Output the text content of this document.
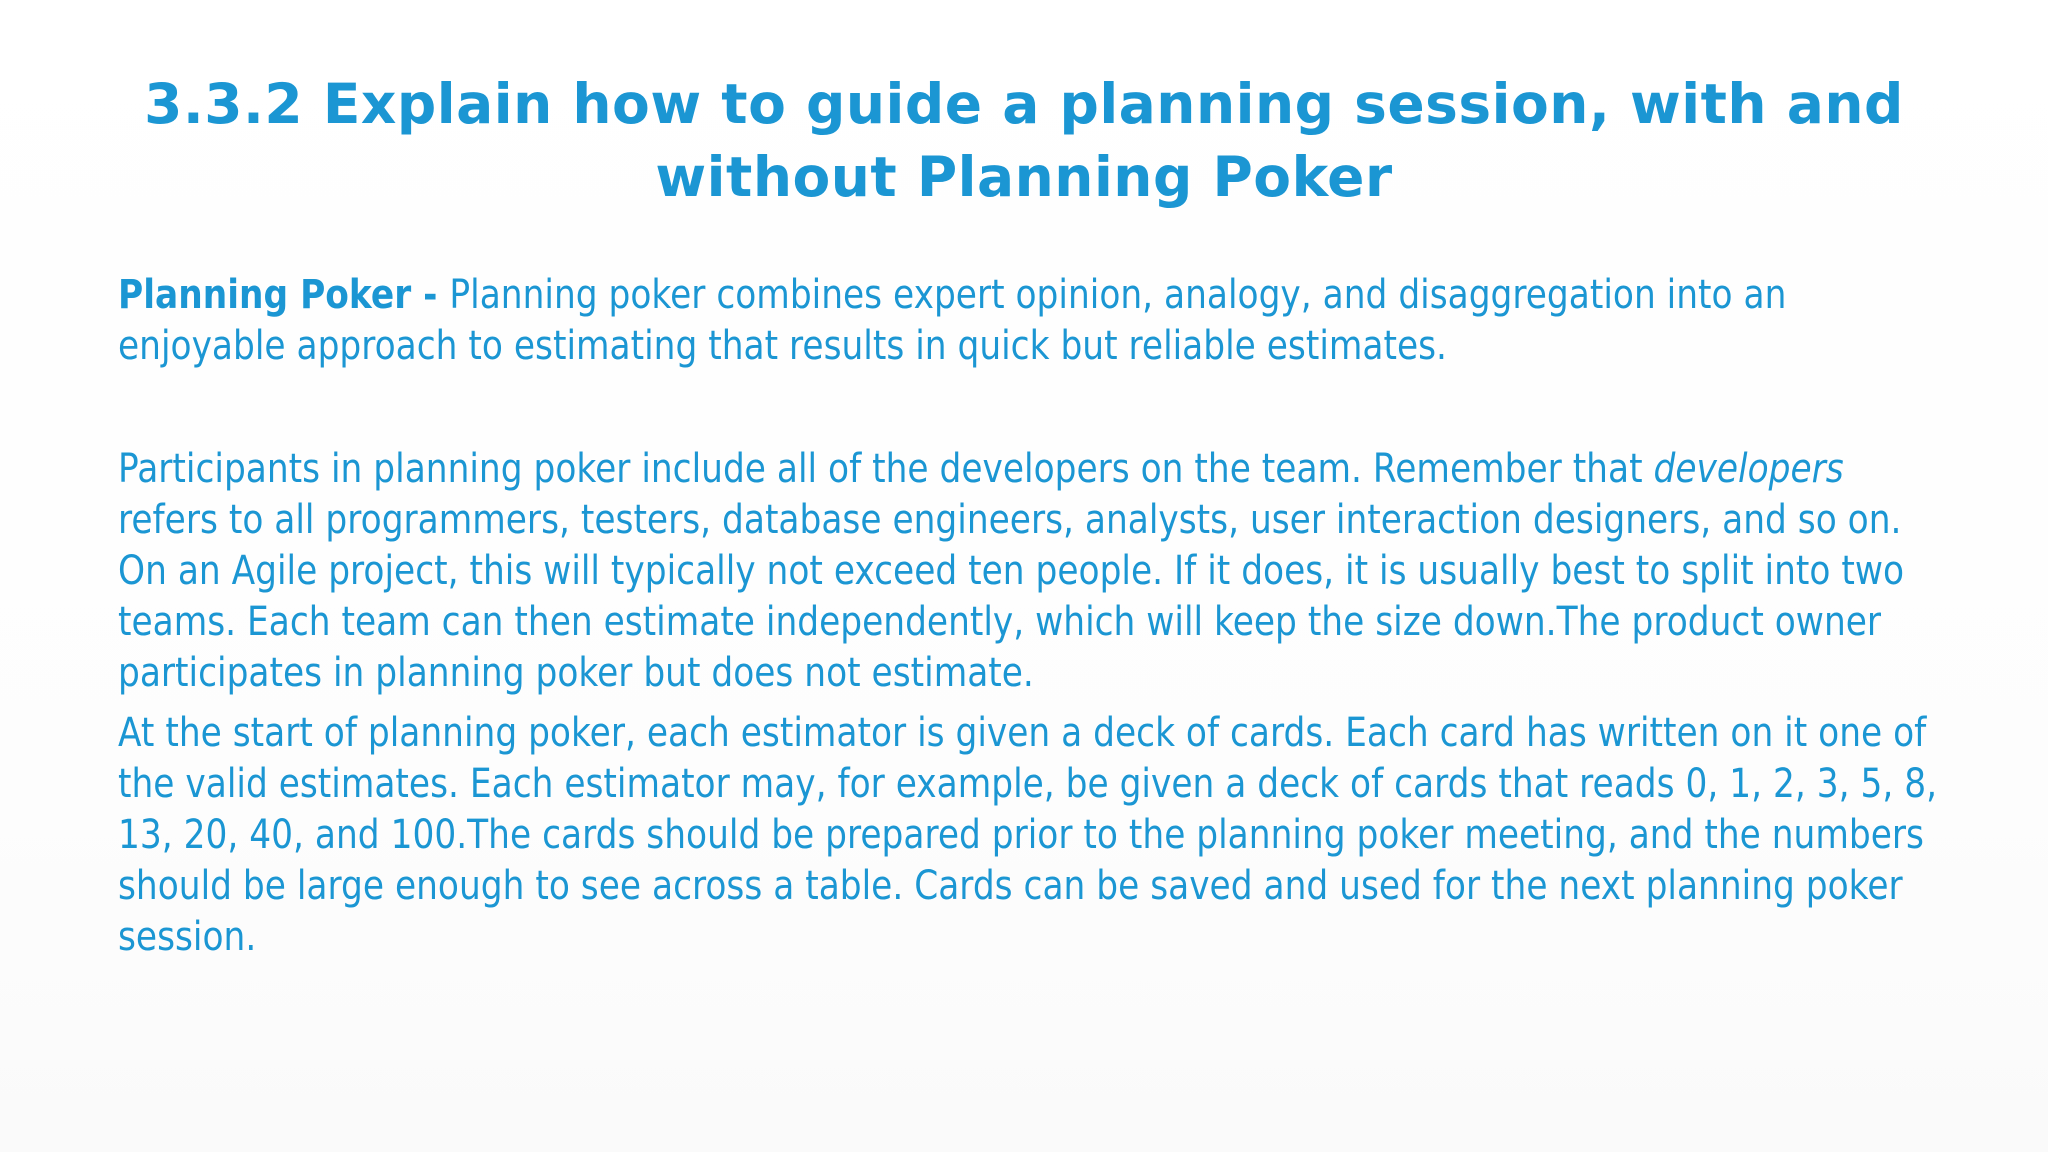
3.3.2 Explain how to guide a planning session, with and without Planning Poker

Planning Poker - Planning poker combines expert opinion, analogy, and disaggregation into an enjoyable approach to estimating that results in quick but reliable estimates.

Participants in planning poker include all of the developers on the team. Remember that developers refers to all programmers, testers, database engineers, analysts, user interaction designers, and so on. On an Agile project, this will typically not exceed ten people. If it does, it is usually best to split into two teams. Each team can then estimate independently, which will keep the size down.The product owner participates in planning poker but does not estimate.

At the start of planning poker, each estimator is given a deck of cards. Each card has written on it one of the valid estimates. Each estimator may, for example, be given a deck of cards that reads 0, 1, 2, 3, 5, 8, 13, 20, 40, and 100.The cards should be prepared prior to the planning poker meeting, and the numbers should be large enough to see across a table. Cards can be saved and used for the next planning poker session.
